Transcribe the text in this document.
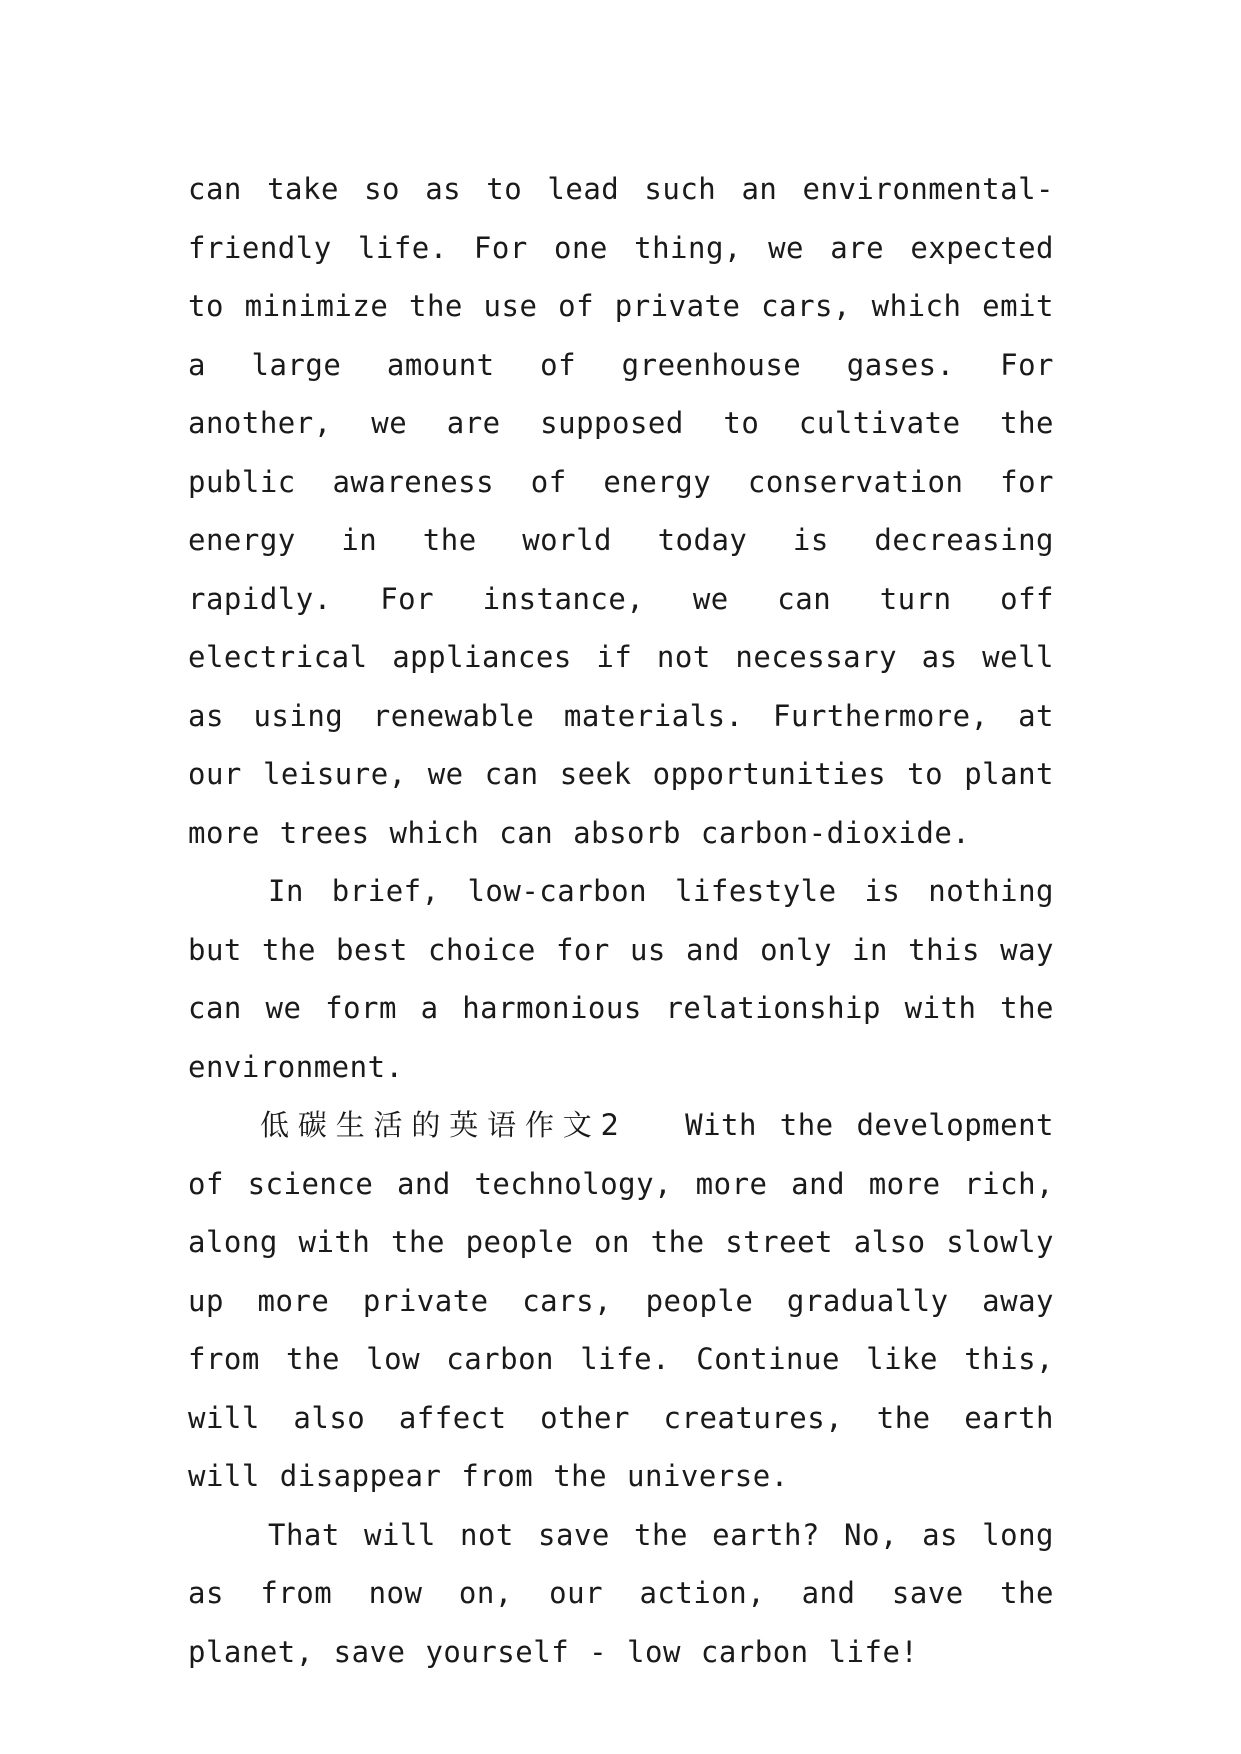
can take so as to lead such an environmental-friendly life. For one thing, we are expected to minimize the use of private cars, which emit a large amount of greenhouse gases. For another, we are supposed to cultivate the public awareness of energy conservation for energy in the world today is decreasing rapidly. For instance, we can turn off electrical appliances if not necessary as well as using renewable materials. Furthermore, at our leisure, we can seek opportunities to plant more trees which can absorb carbon-dioxide.

In brief, low-carbon lifestyle is nothing but the best choice for us and only in this way can we form a harmonious relationship with the environment.

低碳生活的英语作文2 With the development of science and technology, more and more rich, along with the people on the street also slowly up more private cars, people gradually away from the low carbon life. Continue like this, will also affect other creatures, the earth will disappear from the universe.

That will not save the earth? No, as long as from now on, our action, and save the planet, save yourself - low carbon life!
